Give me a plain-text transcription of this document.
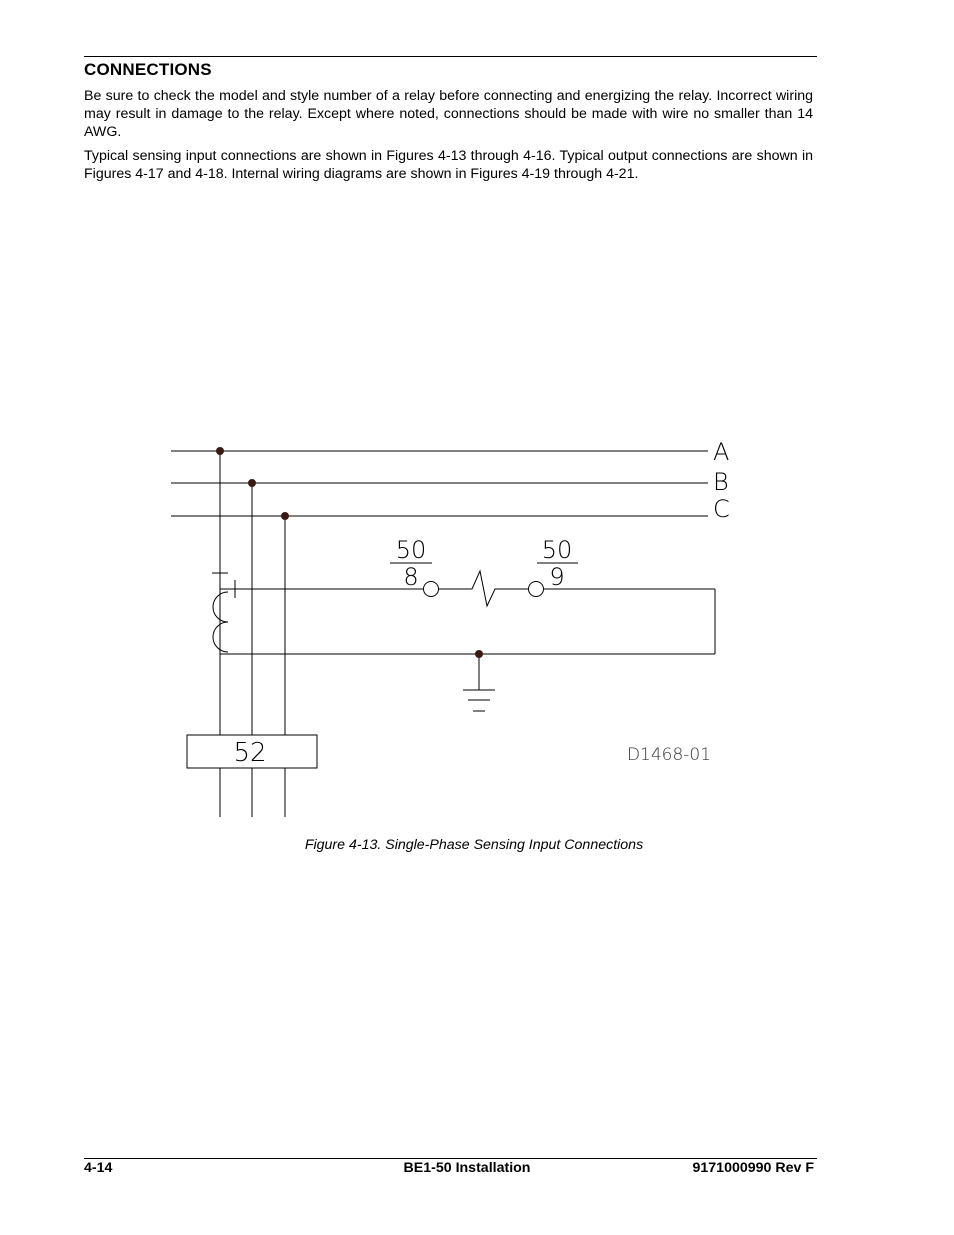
CONNECTIONS

Be sure to check the model and style number of a relay before connecting and energizing the relay. Incorrect wiring may result in damage to the relay. Except where noted, connections should be made with wire no smaller than 14 AWG.

Typical sensing input connections are shown in Figures 4-13 through 4-16. Typical output connections are shown in Figures 4-17 and 4-18. Internal wiring diagrams are shown in Figures 4-19 through 4-21.

A
B
C
50
8
50
9
52	D1468-01

Figure 4-13. Single-Phase Sensing Input Connections

4-14	BE1-50 Installation	9171000990 Rev F
